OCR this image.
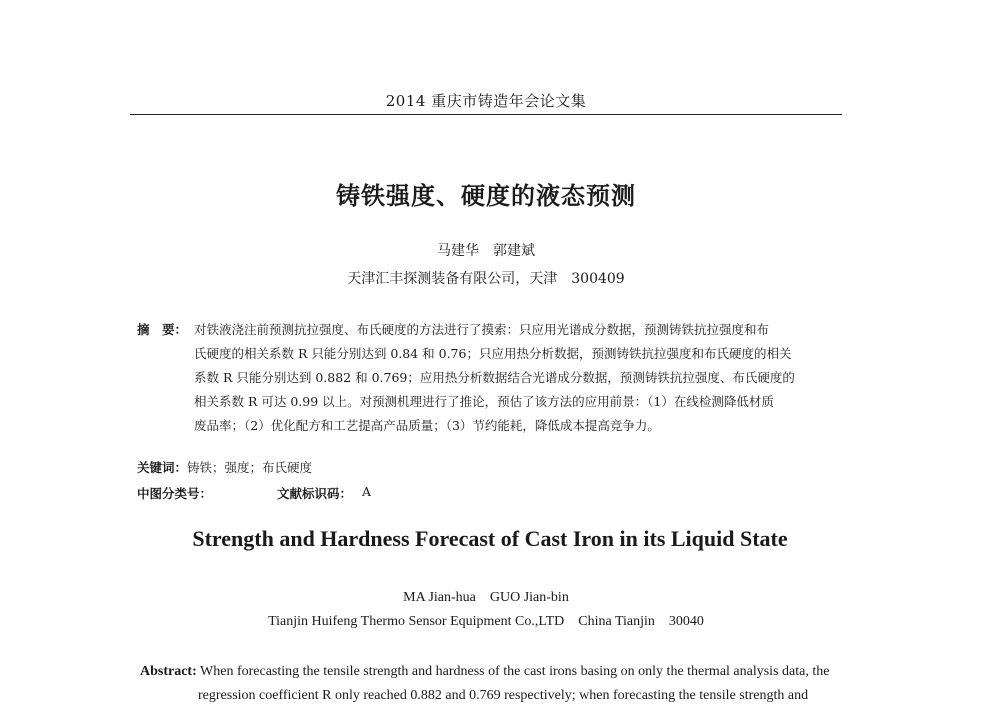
2014 重庆市铸造年会论文集
铸铁强度、硬度的液态预测
马建华　郭建斌
天津汇丰探测装备有限公司，天津　300409
摘　要： 对铁液浇注前预测抗拉强度、布氏硬度的方法进行了摸索：只应用光谱成分数据，预测铸铁抗拉强度和布
氏硬度的相关系数 R 只能分别达到 0.84 和 0.76；只应用热分析数据，预测铸铁抗拉强度和布氏硬度的相关
系数 R 只能分别达到 0.882 和 0.769；应用热分析数据结合光谱成分数据，预测铸铁抗拉强度、布氏硬度的
相关系数 R 可达 0.99 以上。对预测机理进行了推论，预估了该方法的应用前景：（1）在线检测降低材质
废品率；（2）优化配方和工艺提高产品质量；（3）节约能耗，降低成本提高竞争力。
关键词：铸铁；强度；布氏硬度
中图分类号：	文献标识码： A
Strength and Hardness Forecast of Cast Iron in its Liquid State
MA Jian-hua　GUO Jian-bin
Tianjin Huifeng Thermo Sensor Equipment Co.,LTD　China Tianjin　30040
Abstract: When forecasting the tensile strength and hardness of the cast irons basing on only the thermal analysis data, the
regression coefficient R only reached 0.882 and 0.769 respectively; when forecasting the tensile strength and
